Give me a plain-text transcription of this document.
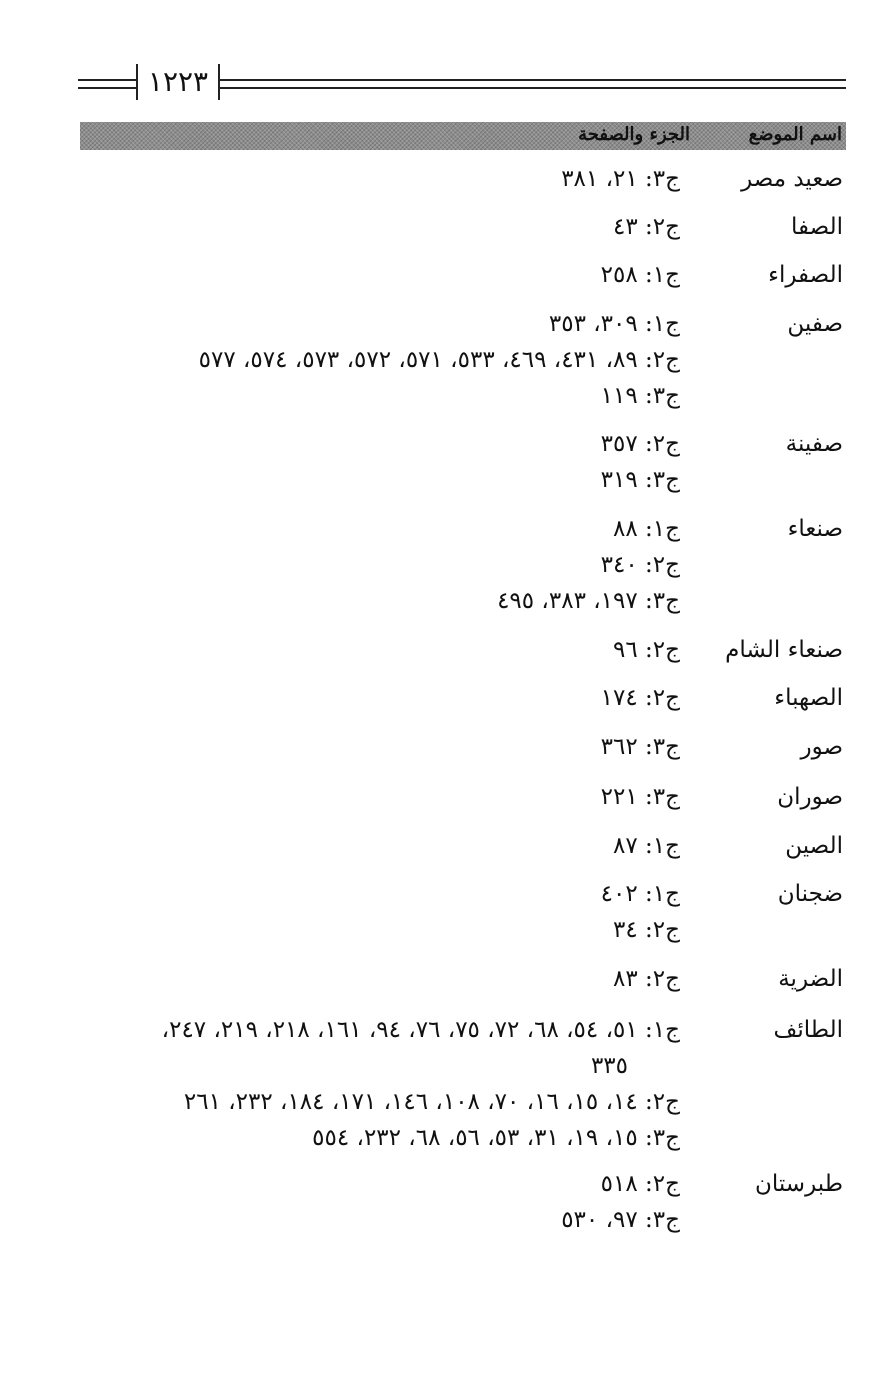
١٢٢٣
اسم الموضع
الجزء والصفحة
صعيد مصر
ج٣: ٢١، ٣٨١
الصفا
ج٢: ٤٣
الصفراء
ج١: ٢٥٨
صفين
ج١: ٣٠٩، ٣٥٣
ج٢: ٨٩، ٤٣١، ٤٦٩، ٥٣٣، ٥٧١، ٥٧٢، ٥٧٣، ٥٧٤، ٥٧٧
ج٣: ١١٩
صفينة
ج٢: ٣٥٧
ج٣: ٣١٩
صنعاء
ج١: ٨٨
ج٢: ٣٤٠
ج٣: ١٩٧، ٣٨٣، ٤٩٥
صنعاء الشام
ج٢: ٩٦
الصهباء
ج٢: ١٧٤
صور
ج٣: ٣٦٢
صوران
ج٣: ٢٢١
الصين
ج١: ٨٧
ضجنان
ج١: ٤٠٢
ج٢: ٣٤
الضرية
ج٢: ٨٣
الطائف
ج١: ٥١، ٥٤، ٦٨، ٧٢، ٧٥، ٧٦، ٩٤، ١٦١، ٢١٨، ٢١٩، ٢٤٧،
٣٣٥
ج٢: ١٤، ١٥، ١٦، ٧٠، ١٠٨، ١٤٦، ١٧١، ١٨٤، ٢٣٢، ٢٦١
ج٣: ١٥، ١٩، ٣١، ٥٣، ٥٦، ٦٨، ٢٣٢، ٥٥٤
طبرستان
ج٢: ٥١٨
ج٣: ٩٧، ٥٣٠
